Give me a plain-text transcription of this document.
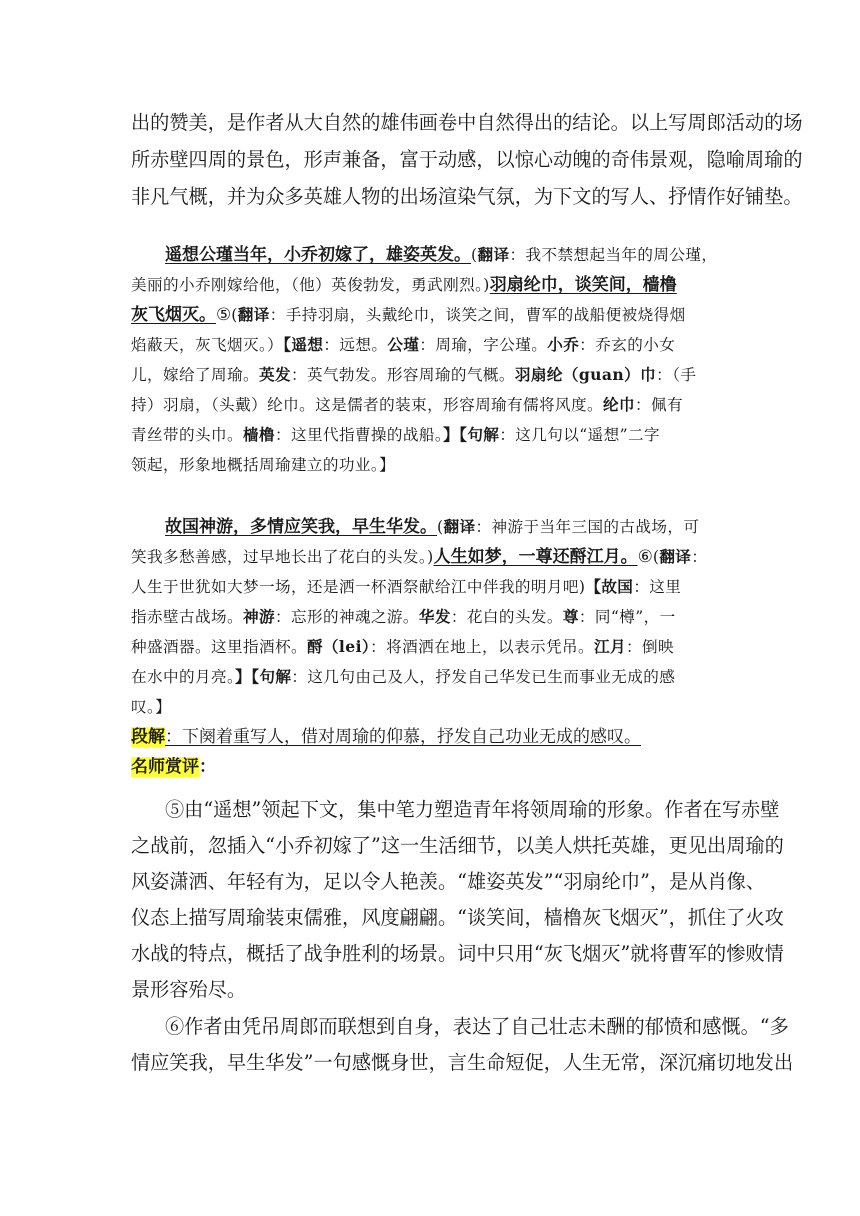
出的赞美，是作者从大自然的雄伟画卷中自然得出的结论。以上写周郎活动的场
所赤壁四周的景色，形声兼备，富于动感，以惊心动魄的奇伟景观，隐喻周瑜的
非凡气概，并为众多英雄人物的出场渲染气氛，为下文的写人、抒情作好铺垫。

遥想公瑾当年，小乔初嫁了，雄姿英发。(翻译：我不禁想起当年的周公瑾，
美丽的小乔刚嫁给他，（他）英俊勃发，勇武刚烈。)羽扇纶巾，谈笑间，樯橹
灰飞烟灭。⑤(翻译：手持羽扇，头戴纶巾，谈笑之间，曹军的战船便被烧得烟
焰蔽天，灰飞烟灭。）【遥想：远想。公瑾：周瑜，字公瑾。小乔：乔玄的小女
儿，嫁给了周瑜。英发：英气勃发。形容周瑜的气概。羽扇纶（guan）巾：（手
持）羽扇，（头戴）纶巾。这是儒者的装束，形容周瑜有儒将风度。纶巾：佩有
青丝带的头巾。樯橹：这里代指曹操的战船。】【句解：这几句以“遥想”二字
领起，形象地概括周瑜建立的功业。】
故国神游，多情应笑我，早生华发。(翻译：神游于当年三国的古战场，可
笑我多愁善感，过早地长出了花白的头发。)人生如梦，一尊还酹江月。⑥(翻译：
人生于世犹如大梦一场，还是洒一杯酒祭献给江中伴我的明月吧)【故国：这里
指赤壁古战场。神游：忘形的神魂之游。华发：花白的头发。尊：同“樽”，一
种盛酒器。这里指酒杯。酹（lei）：将酒洒在地上，以表示凭吊。江月：倒映
在水中的月亮。】【句解：这几句由己及人，抒发自己华发已生而事业无成的感
叹。】
段解：下阕着重写人，借对周瑜的仰慕，抒发自己功业无成的感叹。
名师赏评：

⑤由“遥想”领起下文，集中笔力塑造青年将领周瑜的形象。作者在写赤壁
之战前，忽插入“小乔初嫁了”这一生活细节，以美人烘托英雄，更见出周瑜的
风姿潇洒、年轻有为，足以令人艳羡。“雄姿英发”“羽扇纶巾”，是从肖像、
仪态上描写周瑜装束儒雅，风度翩翩。“谈笑间，樯橹灰飞烟灭”，抓住了火攻
水战的特点，概括了战争胜利的场景。词中只用“灰飞烟灭”就将曹军的惨败情
景形容殆尽。

⑥作者由凭吊周郎而联想到自身，表达了自己壮志未酬的郁愤和感慨。“多
情应笑我，早生华发”一句感慨身世，言生命短促，人生无常，深沉痛切地发出
